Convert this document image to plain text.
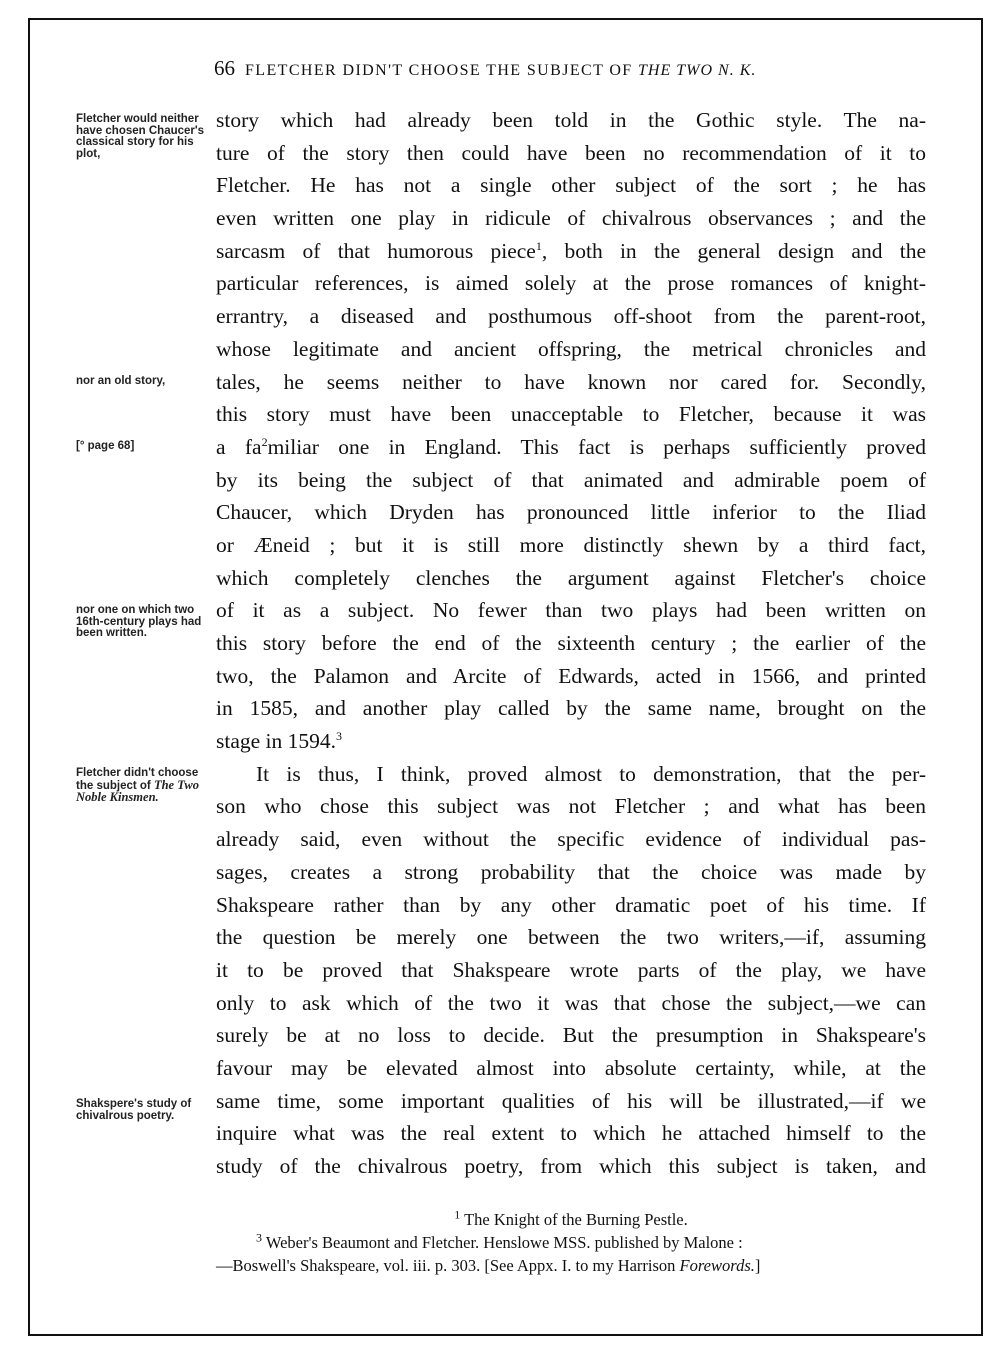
66 FLETCHER DIDN'T CHOOSE THE SUBJECT OF THE TWO N. K.
Fletcher would neither have chosen Chaucer's classical story for his plot,
nor an old story,
[° page 68]
nor one on which two 16th-century plays had been written.
Fletcher didn't choose the subject of The Two Noble Kinsmen.
Shakspere's study of chivalrous poetry.
story which had already been told in the Gothic style. The na-
ture of the story then could have been no recommendation of it to
Fletcher. He has not a single other subject of the sort ; he has
even written one play in ridicule of chivalrous observances ; and the
sarcasm of that humorous piece$^1$, both in the general design and the
particular references, is aimed solely at the prose romances of knight-
errantry, a diseased and posthumous off-shoot from the parent-root,
whose legitimate and ancient offspring, the metrical chronicles and
tales, he seems neither to have known nor cared for. Secondly,
this story must have been unacceptable to Fletcher, because it was
a $fa^2miliar$ one in England. This fact is perhaps sufficiently proved
by its being the subject of that animated and admirable poem of
Chaucer, which Dryden has pronounced little inferior to the Iliad
or Æneid ; but it is still more distinctly shewn by a third fact,
which completely clenches the argument against Fletcher's choice
of it as a subject. No fewer than two plays had been written on
this story before the end of the sixteenth century ; the earlier of the
two, the Palamon and Arcite of Edwards, acted in 1566, and printed
in 1585, and another play called by the same name, brought on the
stage in 1594.$^3$
It is thus, I think, proved almost to demonstration, that the per-
son who chose this subject was not Fletcher ; and what has been
already said, even without the specific evidence of individual pas-
sages, creates a strong probability that the choice was made by
Shakspeare rather than by any other dramatic poet of his time. If
the question be merely one between the two writers,—if, assuming
it to be proved that Shakspeare wrote parts of the play, we have
only to ask which of the two it was that chose the subject,—we can
surely be at no loss to decide. But the presumption in Shakspeare's
favour may be elevated almost into absolute certainty, while, at the
same time, some important qualities of his will be illustrated,—if we
inquire what was the real extent to which he attached himself to the
study of the chivalrous poetry, from which this subject is taken, and
$^1$ The Knight of the Burning Pestle.
$^3$ Weber's Beaumont and Fletcher. Henslowe MSS. published by Malone :
—Boswell's Shakspeare, vol. iii. p. 303. [See Appx. I. to my Harrison Forewords.]
